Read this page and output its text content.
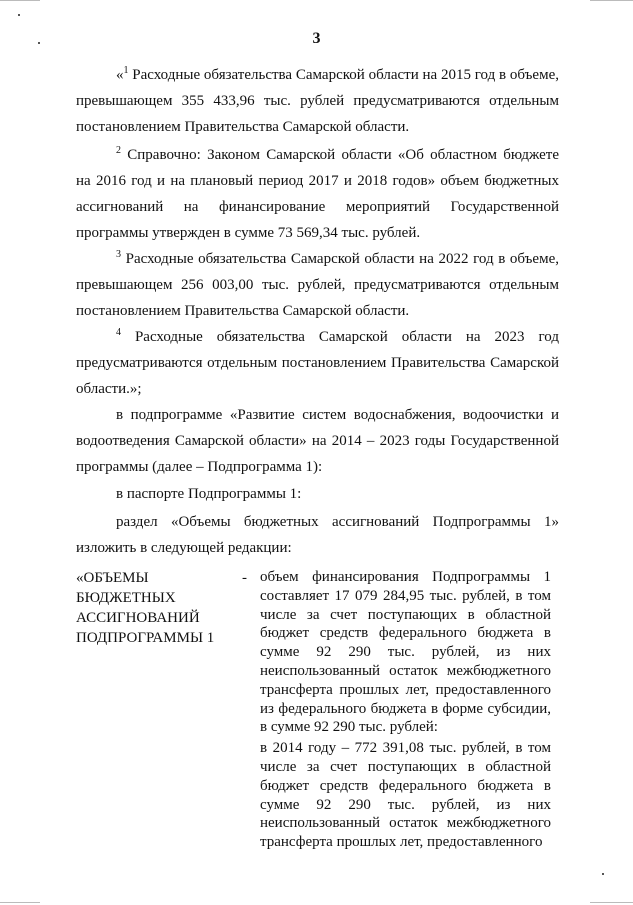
3
«$^1$ Расходные обязательства Самарской области на 2015 год в объеме, превышающем 355 433,96 тыс. рублей предусматриваются отдельным постановлением Правительства Самарской области.
$^2$ Справочно: Законом Самарской области «Об областном бюджете на 2016 год и на плановый период 2017 и 2018 годов» объем бюджетных ассигнований на финансирование мероприятий Государственной программы утвержден в сумме 73 569,34 тыс. рублей.
$^3$ Расходные обязательства Самарской области на 2022 год в объеме, превышающем 256 003,00 тыс. рублей, предусматриваются отдельным постановлением Правительства Самарской области.
$^4$ Расходные обязательства Самарской области на 2023 год предусматриваются отдельным постановлением Правительства Самарской области.»;
в подпрограмме «Развитие систем водоснабжения, водоочистки и водоотведения Самарской области» на 2014 – 2023 годы Государственной программы (далее – Подпрограмма 1):
в паспорте Подпрограммы 1:
раздел «Объемы бюджетных ассигнований Подпрограммы 1» изложить в следующей редакции:
«ОБЪЕМЫ БЮДЖЕТНЫХ АССИГНОВАНИЙ ПОДПРОГРАММЫ 1
- объем финансирования Подпрограммы 1 составляет 17 079 284,95 тыс. рублей, в том числе за счет поступающих в областной бюджет средств федерального бюджета в сумме 92 290 тыс. рублей, из них неиспользованный остаток межбюджетного трансферта прошлых лет, предоставленного из федерального бюджета в форме субсидии, в сумме 92 290 тыс. рублей:

в 2014 году – 772 391,08 тыс. рублей, в том числе за счет поступающих в областной бюджет средств федерального бюджета в сумме 92 290 тыс. рублей, из них неиспользованный остаток межбюджетного трансферта прошлых лет, предоставленного
